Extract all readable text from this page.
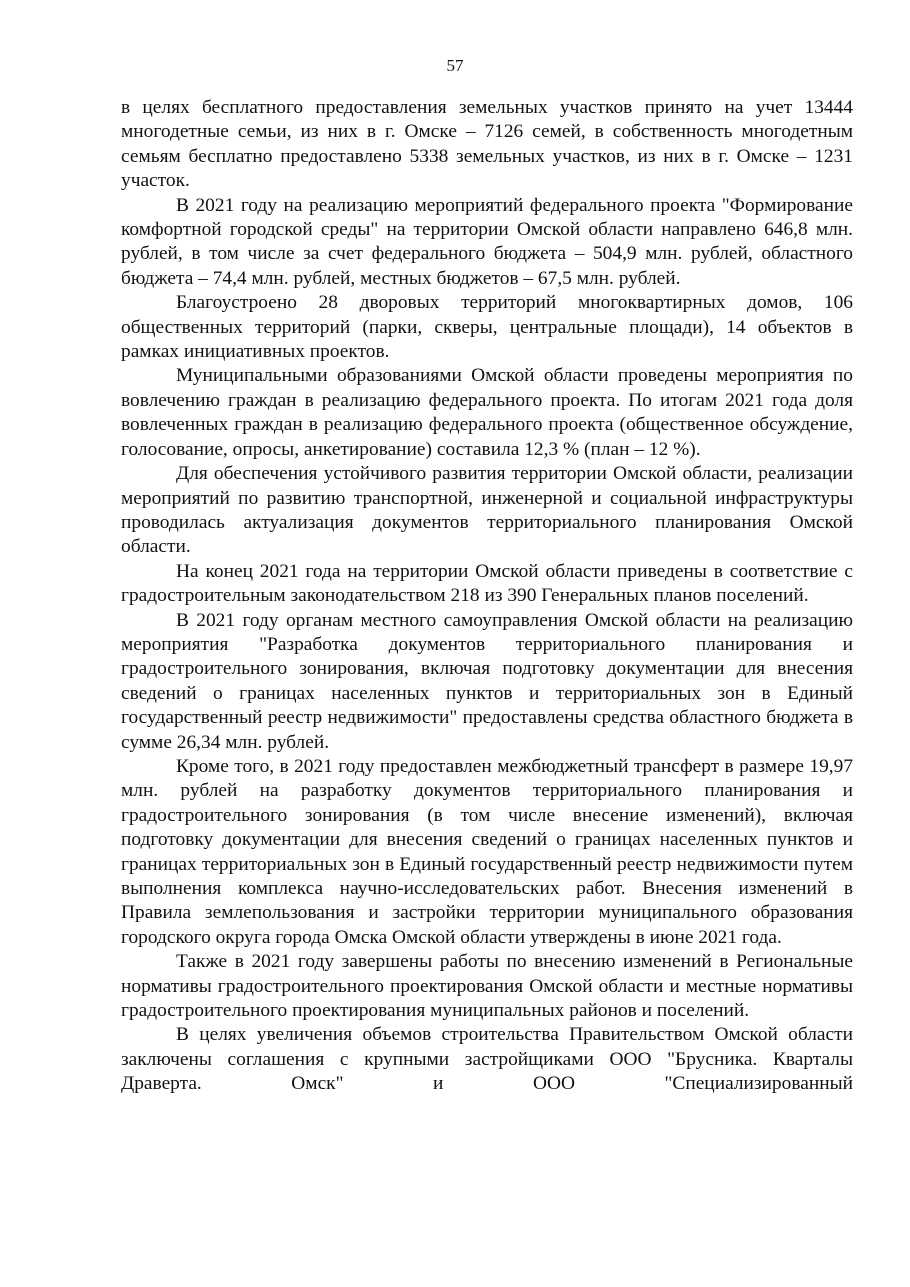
57

в целях бесплатного предоставления земельных участков принято на учет 13444 многодетные семьи, из них в г. Омске – 7126 семей, в собственность многодетным семьям бесплатно предоставлено 5338 земельных участков, из них в г. Омске – 1231 участок.

В 2021 году на реализацию мероприятий федерального проекта "Формирование комфортной городской среды" на территории Омской области направлено 646,8 млн. рублей, в том числе за счет федерального бюджета – 504,9 млн. рублей, областного бюджета – 74,4 млн. рублей, местных бюджетов – 67,5 млн. рублей.

Благоустроено 28 дворовых территорий многоквартирных домов, 106 общественных территорий (парки, скверы, центральные площади), 14 объектов в рамках инициативных проектов.

Муниципальными образованиями Омской области проведены мероприятия по вовлечению граждан в реализацию федерального проекта. По итогам 2021 года доля вовлеченных граждан в реализацию федерального проекта (общественное обсуждение, голосование, опросы, анкетирование) составила 12,3 % (план – 12 %).

Для обеспечения устойчивого развития территории Омской области, реализации мероприятий по развитию транспортной, инженерной и социальной инфраструктуры проводилась актуализация документов территориального планирования Омской области.

На конец 2021 года на территории Омской области приведены в соответствие с градостроительным законодательством 218 из 390 Генеральных планов поселений.

В 2021 году органам местного самоуправления Омской области на реализацию мероприятия "Разработка документов территориального планирования и градостроительного зонирования, включая подготовку документации для внесения сведений о границах населенных пунктов и территориальных зон в Единый государственный реестр недвижимости" предоставлены средства областного бюджета в сумме 26,34 млн. рублей.

Кроме того, в 2021 году предоставлен межбюджетный трансферт в размере 19,97 млн. рублей на разработку документов территориального планирования и градостроительного зонирования (в том числе внесение изменений), включая подготовку документации для внесения сведений о границах населенных пунктов и границах территориальных зон в Единый государственный реестр недвижимости путем выполнения комплекса научно-исследовательских работ. Внесения изменений в Правила землепользования и застройки территории муниципального образования городского округа города Омска Омской области утверждены в июне 2021 года.

Также в 2021 году завершены работы по внесению изменений в Региональные нормативы градостроительного проектирования Омской области и местные нормативы градостроительного проектирования муниципальных районов и поселений.

В целях увеличения объемов строительства Правительством Омской области заключены соглашения с крупными застройщиками ООО "Брусника. Кварталы Драверта. Омск" и ООО "Специализированный
